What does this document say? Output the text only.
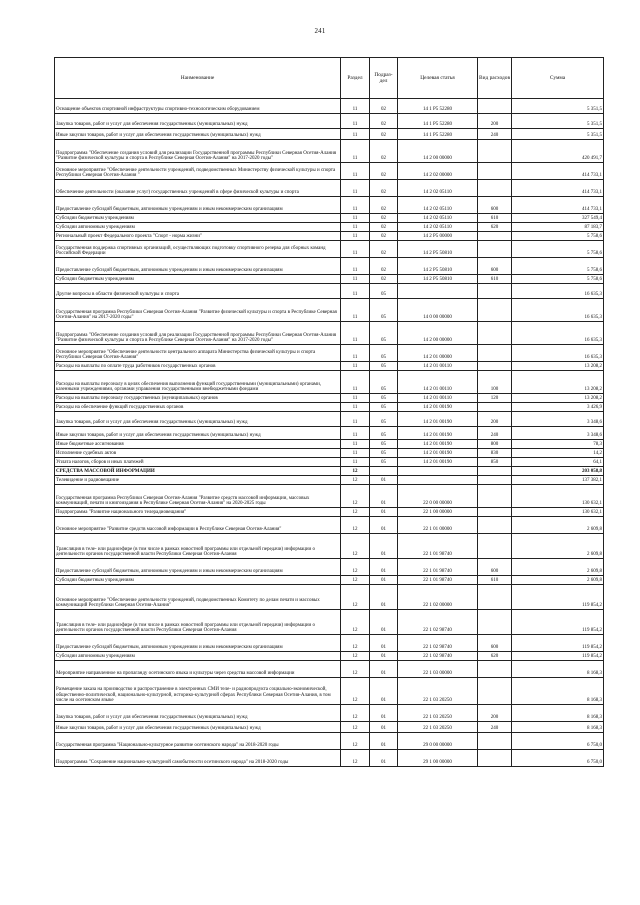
241
Наименование	Раздел	Подраз-дел	Целевая статья	Вид расходов	Сумма
Оснащение объектов спортивной инфраструктуры спортивно-технологическим оборудованием	11	02	14 1 P5 52280		5 351,5
Закупка товаров, работ и услуг для обеспечения государственных (муниципальных) нужд	11	02	14 1 P5 52280	200	5 351,5
Иные закупки товаров, работ и услуг для обеспечения государственных (муниципальных) нужд	11	02	14 1 P5 52280	240	5 351,5
Подпрограмма "Обеспечение создания условий для реализации Государственной программы Республики Северная Осетия-Алания "Развитие физической культуры и спорта в Республике Северная Осетия-Алания" на 2017-2020 годы"	11	02	14 2 00 00000		420 491,7
Основное мероприятие "Обеспечение деятельности учреждений, подведомственных Министерству физической культуры и спорта Республики Северная Осетия-Алания "	11	02	14 2 02 00000		414 733,1
Обеспечение деятельности (оказание услуг) государственных учреждений в сфере физической культуры и спорта	11	02	14 2 02 05110		414 733,1
Предоставление субсидий бюджетным, автономным учреждениям и иным некоммерческим организациям	11	02	14 2 02 05110	600	414 733,1
Субсидии бюджетным учреждениям	11	02	14 2 02 05110	610	327 549,4
Субсидии автономным учреждениям	11	02	14 2 02 05110	620	87 183,7
Региональный проект Федерального проекта "Спорт - норма жизни"	11	02	14 2 P5 00000		5 758,6
Государственная поддержка спортивных организаций, осуществляющих подготовку спортивного резерва для сборных команд Российской Федерации	11	02	14 2 P5 50810		5 758,6
Предоставление субсидий бюджетным, автономным учреждениям и иным некоммерческим организациям	11	02	14 2 P5 50810	600	5 758,6
Субсидии бюджетным учреждениям	11	02	14 2 P5 50810	610	5 758,6
Другие вопросы в области физической культуры и спорта	11	05			16 635,3
Государственная программа Республики Северная Осетия-Алания "Развитие физической культуры и спорта в Республике Северная Осетия-Алания" на 2017-2020 годы"	11	05	14 0 00 00000		16 635,3
Подпрограмма "Обеспечение создания условий для реализации Государственной программы Республики Северная Осетия-Алания "Развитие физической культуры и спорта в Республике Северная Осетия-Алания" на 2017-2020 годы"	11	05	14 2 00 00000		16 635,3
Основное мероприятие "Обеспечение деятельности центрального аппарата Министерства физической культуры и спорта Республики Северная Осетия-Алания"	11	05	14 2 01 00000		16 635,3
Расходы на выплаты по оплате труда работников государственных органов	11	05	14 2 01 00110		13 208,2
Расходы на выплаты персоналу в целях обеспечения выполнения функций государственными (муниципальными) органами, казенными учреждениями, органами управления государственными внебюджетными фондами	11	05	14 2 01 00110	100	13 208,2
Расходы на выплаты персоналу государственных (муниципальных) органов	11	05	14 2 01 00110	120	13 208,2
Расходы на обеспечение функций государственных органов	11	05	14 2 01 00190		3 426,9
Закупка товаров, работ и услуг для обеспечения государственных (муниципальных) нужд	11	05	14 2 01 00190	200	3 348,6
Иные закупки товаров, работ и услуг для обеспечения государственных (муниципальных) нужд	11	05	14 2 01 00190	240	3 348,6
Иные бюджетные ассигнования	11	05	14 2 01 00190	800	78,3
Исполнение судебных актов	11	05	14 2 01 00190	830	14,2
Уплата налогов, сборов и иных платежей	11	05	14 2 01 00190	850	64,1
СРЕДСТВА МАССОВОЙ ИНФОРМАЦИИ	12				203 058,8
Телевидение и радиовещание	12	01			137 382,1
Государственная программа Республики Северная Осетия-Алания "Развитие средств массовой информации, массовых коммуникаций, печати и книгоиздания в Республике Северная Осетия-Алания" на 2020-2025 годы	12	01	22 0 00 00000		130 632,1
Подпрограмма "Развитие национального телерадиовещания"	12	01	22 1 00 00000		130 632,1
Основное мероприятие "Развитие средств массовой информации в Республике Северная Осетия-Алания"	12	01	22 1 01 00000		2 609,8
Трансляция в теле- или радиоэфире (в том числе в рамках новостной программы или отдельной передачи) информации о деятельности органов государственной власти Республики Северная Осетия-Алания	12	01	22 1 01 98740		2 609,8
Предоставление субсидий бюджетным, автономным учреждениям и иным некоммерческим организациям	12	01	22 1 01 98740	600	2 609,8
Субсидии бюджетным учреждениям	12	01	22 1 01 98740	610	2 609,8
Основное мероприятие "Обеспечение деятельности учреждений, подведомственных Комитету по делам печати и массовых коммуникаций Республики Северная Осетия-Алания"	12	01	22 1 02 00000		119 854,2
Трансляция в теле- или радиоэфире (в том числе в рамках новостной программы или отдельной передачи) информации о деятельности органов государственной власти Республики Северная Осетия-Алания	12	01	22 1 02 98740		119 854,2
Предоставление субсидий бюджетным, автономным учреждениям и иным некоммерческим организациям	12	01	22 1 02 98740	600	119 854,2
Субсидии автономным учреждениям	12	01	22 1 02 98740	620	119 854,2
Мероприятие направленное на пропаганду осетинского языка и культуры через средства массовой информации	12	01	22 1 03 00000		8 168,3
Размещение заказа на производство и распространение в электронных СМИ теле- и радиопродукта социально-экономической, общественно-политической, национально-культурной, историко-культурной сферах Республики Северная Осетия-Алания, в том числе на осетинском языке	12	01	22 1 03 20250		8 168,3
Закупка товаров, работ и услуг для обеспечения государственных (муниципальных) нужд	12	01	22 1 03 20250	200	8 168,3
Иные закупки товаров, работ и услуг для обеспечения государственных (муниципальных) нужд	12	01	22 1 03 20250	240	8 168,3
Государственная программа "Национально-культурное развитие осетинского народа" на 2018-2020 годы	12	01	29 0 00 00000		6 750,0
Подпрограмма "Сохранение национально-культурной самобытности осетинского народа" на 2018-2020 годы	12	01	29 1 00 00000		6 750,0
